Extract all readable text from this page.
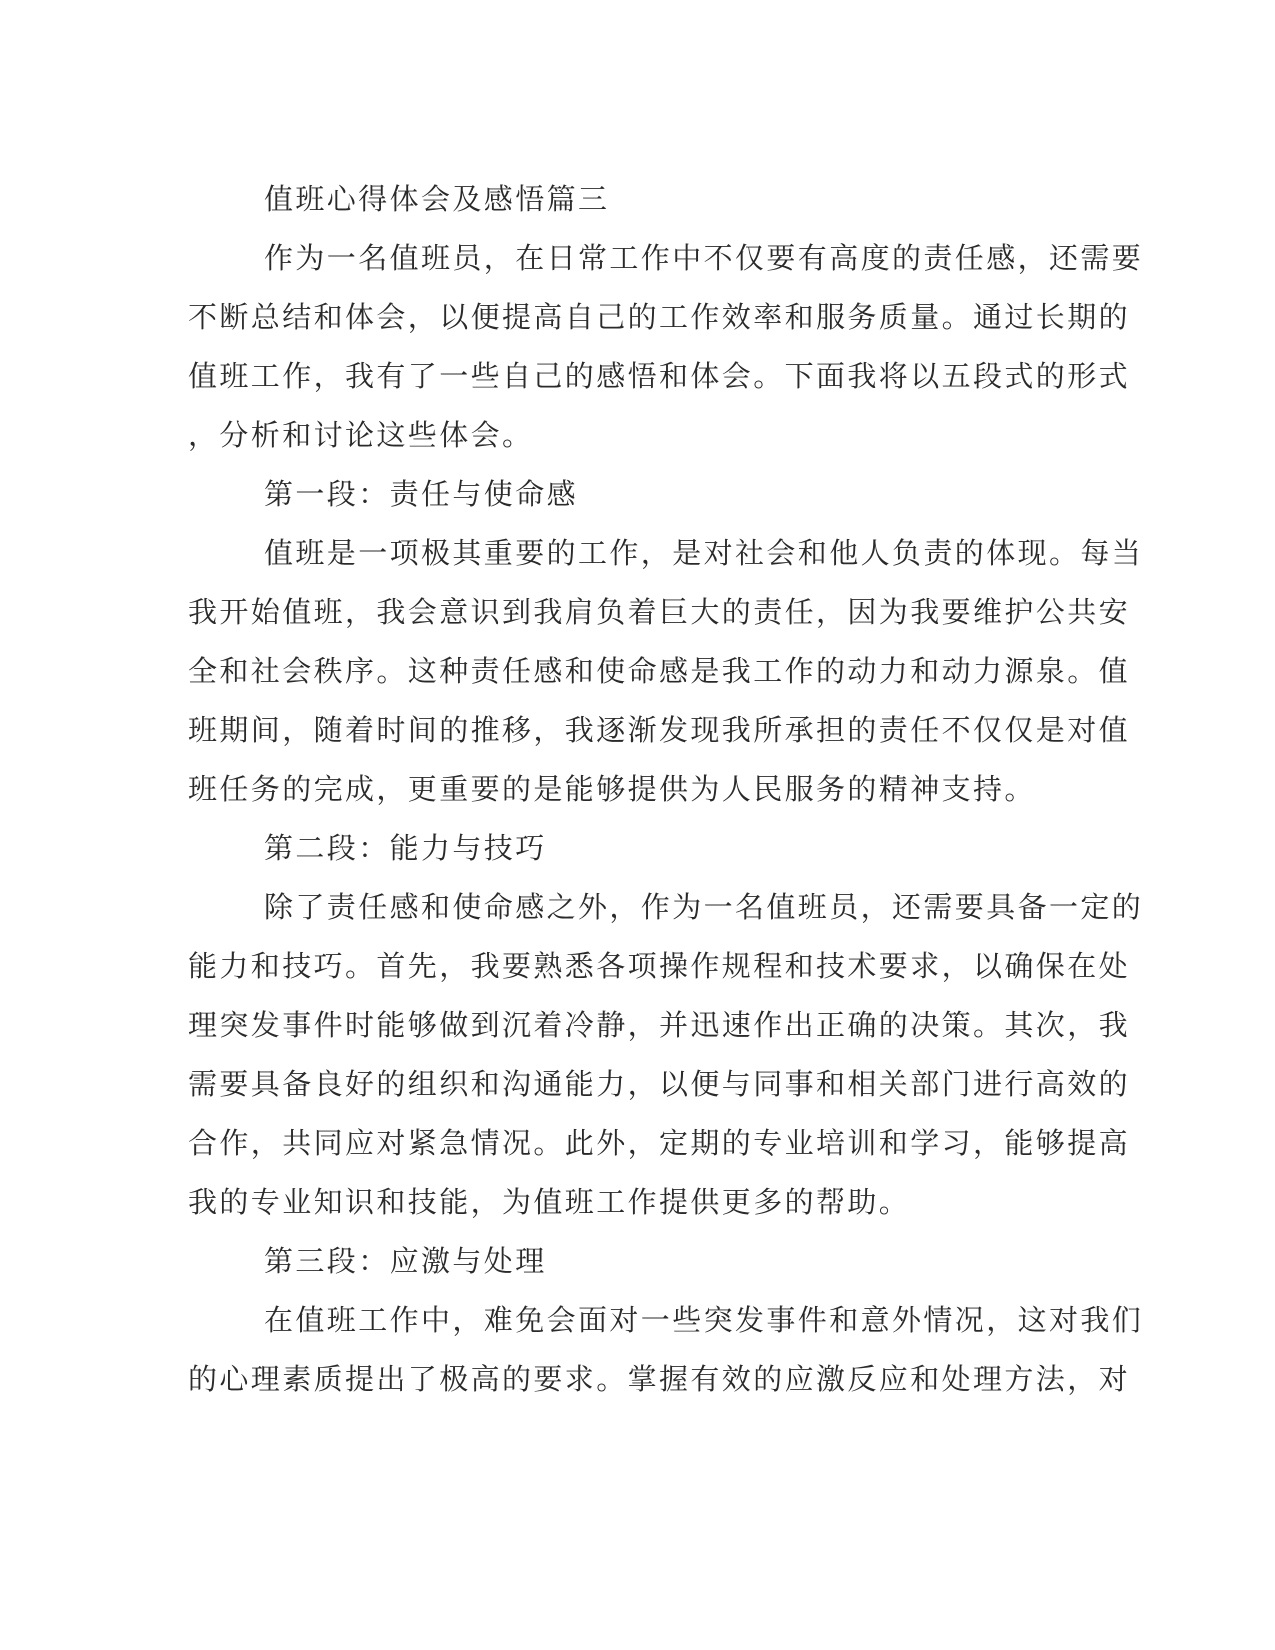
值班心得体会及感悟篇三
作为一名值班员，在日常工作中不仅要有高度的责任感，还需要
不断总结和体会，以便提高自己的工作效率和服务质量。通过长期的
值班工作，我有了一些自己的感悟和体会。下面我将以五段式的形式
，分析和讨论这些体会。
第一段：责任与使命感
值班是一项极其重要的工作，是对社会和他人负责的体现。每当
我开始值班，我会意识到我肩负着巨大的责任，因为我要维护公共安
全和社会秩序。这种责任感和使命感是我工作的动力和动力源泉。值
班期间，随着时间的推移，我逐渐发现我所承担的责任不仅仅是对值
班任务的完成，更重要的是能够提供为人民服务的精神支持。
第二段：能力与技巧
除了责任感和使命感之外，作为一名值班员，还需要具备一定的
能力和技巧。首先，我要熟悉各项操作规程和技术要求，以确保在处
理突发事件时能够做到沉着冷静，并迅速作出正确的决策。其次，我
需要具备良好的组织和沟通能力，以便与同事和相关部门进行高效的
合作，共同应对紧急情况。此外，定期的专业培训和学习，能够提高
我的专业知识和技能，为值班工作提供更多的帮助。
第三段：应激与处理
在值班工作中，难免会面对一些突发事件和意外情况，这对我们
的心理素质提出了极高的要求。掌握有效的应激反应和处理方法，对
